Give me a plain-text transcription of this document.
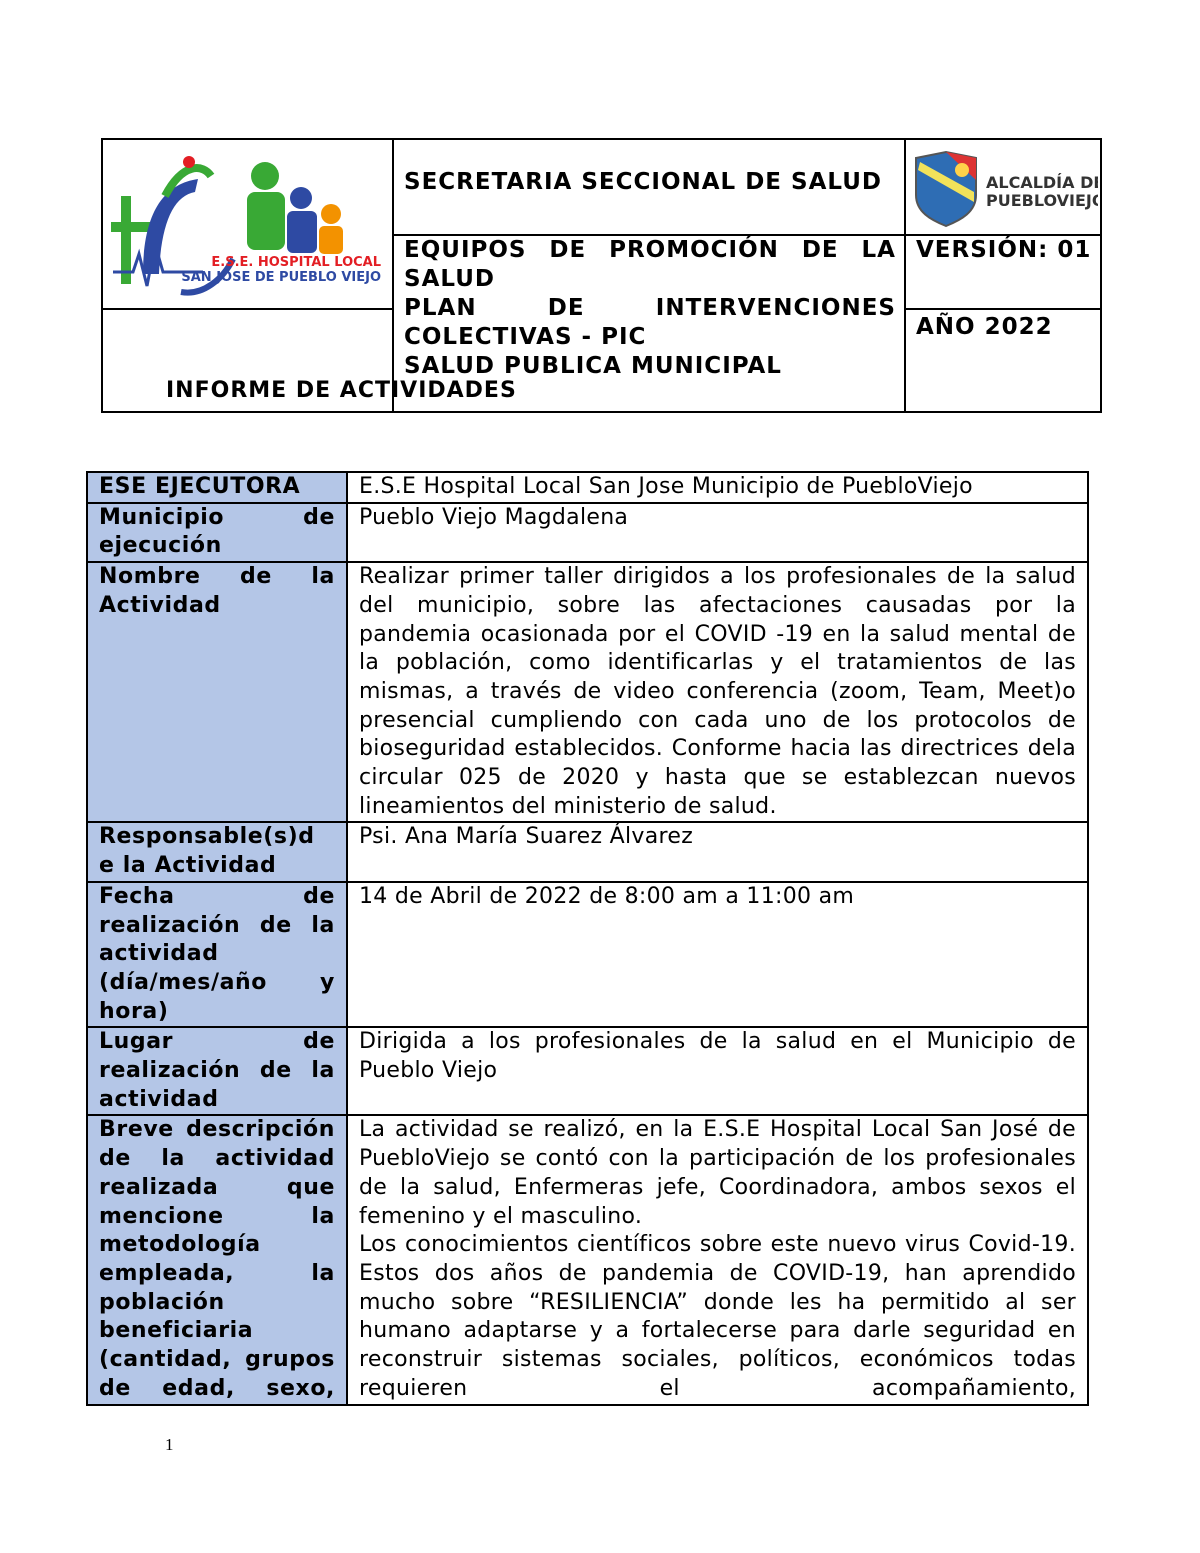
E.S.E. HOSPITAL LOCAL
SAN JOSE DE PUEBLO VIEJO	SECRETARIA SECCIONAL DE SALUD	ALCALDÍA DE
PUEBLOVIEJO

	EQUIPOS DE PROMOCIÓN DE LA
SALUD
PLAN DE INTERVENCIONES
COLECTIVAS - PIC
SALUD PUBLICA MUNICIPAL	VERSIÓN: 01

		AÑO 2022
INFORME DE ACTIVIDADES
ESE EJECUTORA	E.S.E Hospital Local San Jose Municipio de PuebloViejo
Municipio de ejecución	Pueblo Viejo Magdalena
Nombre de la Actividad	Realizar primer taller dirigidos a los profesionales de la salud del municipio, sobre las afectaciones causadas por la pandemia ocasionada por el COVID -19 en la salud mental de la población, como identificarlas y el tratamientos de las mismas, a través de video conferencia (zoom, Team, Meet)o presencial cumpliendo con cada uno de los protocolos de bioseguridad establecidos. Conforme hacia las directrices dela circular 025 de 2020 y hasta que se establezcan nuevos lineamientos del ministerio de salud.
Responsable(s)d e la Actividad	Psi. Ana María Suarez Álvarez
Fecha de realización de la actividad (día/mes/año y hora)	14 de Abril de 2022 de 8:00 am a 11:00 am
Lugar de realización de la actividad	Dirigida a los profesionales de la salud en el Municipio de Pueblo Viejo
Breve descripción de la actividad realizada que mencione la metodología empleada, la población beneficiaria (cantidad, grupos de edad, sexo,	La actividad se realizó, en la E.S.E Hospital Local San José de PuebloViejo se contó con la participación de los profesionales de la salud, Enfermeras jefe, Coordinadora, ambos sexos el femenino y el masculino.
Los conocimientos científicos sobre este nuevo virus Covid-19. Estos dos años de pandemia de COVID-19, han aprendido mucho sobre “RESILIENCIA” donde les ha permitido al ser humano adaptarse y a fortalecerse para darle seguridad en reconstruir sistemas sociales, políticos, económicos todas requieren el acompañamiento,
1
